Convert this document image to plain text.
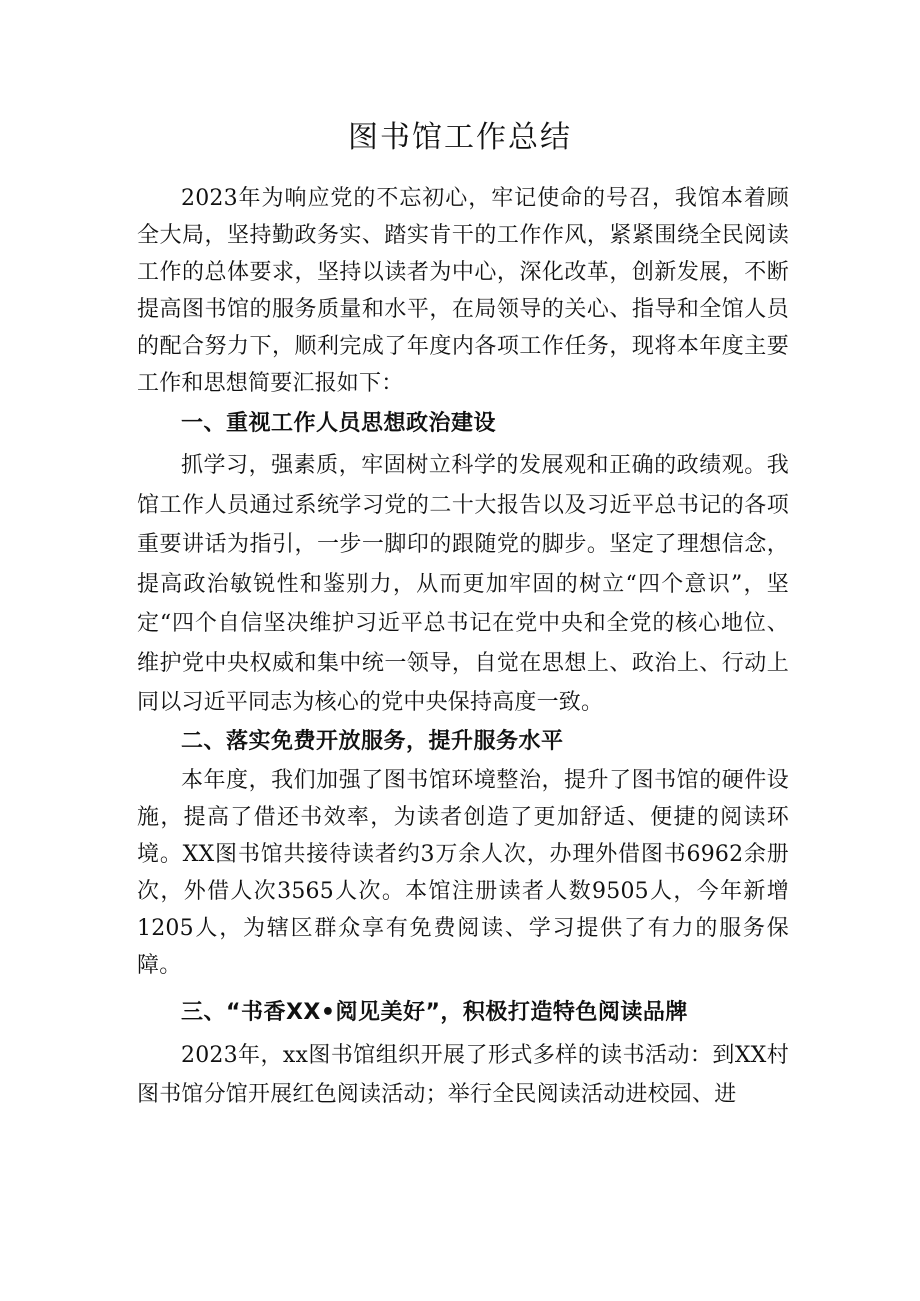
图书馆工作总结

2023年为响应党的不忘初心，牢记使命的号召，我馆本着顾全大局，坚持勤政务实、踏实肯干的工作作风，紧紧围绕全民阅读工作的总体要求，坚持以读者为中心，深化改革，创新发展，不断提高图书馆的服务质量和水平，在局领导的关心、指导和全馆人员的配合努力下，顺利完成了年度内各项工作任务，现将本年度主要工作和思想简要汇报如下：

一、重视工作人员思想政治建设

抓学习，强素质，牢固树立科学的发展观和正确的政绩观。我馆工作人员通过系统学习党的二十大报告以及习近平总书记的各项重要讲话为指引，一步一脚印的跟随党的脚步。坚定了理想信念，提高政治敏锐性和鉴别力，从而更加牢固的树立“四个意识”，坚定“四个自信坚决维护习近平总书记在党中央和全党的核心地位、维护党中央权威和集中统一领导，自觉在思想上、政治上、行动上同以习近平同志为核心的党中央保持高度一致。

二、落实免费开放服务，提升服务水平

本年度，我们加强了图书馆环境整治，提升了图书馆的硬件设施，提高了借还书效率，为读者创造了更加舒适、便捷的阅读环境。XX图书馆共接待读者约3万余人次，办理外借图书6962余册次，外借人次3565人次。本馆注册读者人数9505人，今年新增1205人，为辖区群众享有免费阅读、学习提供了有力的服务保障。

三、“书香XX•阅见美好”，积极打造特色阅读品牌

2023年，xx图书馆组织开展了形式多样的读书活动：到XX村图书馆分馆开展红色阅读活动；举行全民阅读活动进校园、进
